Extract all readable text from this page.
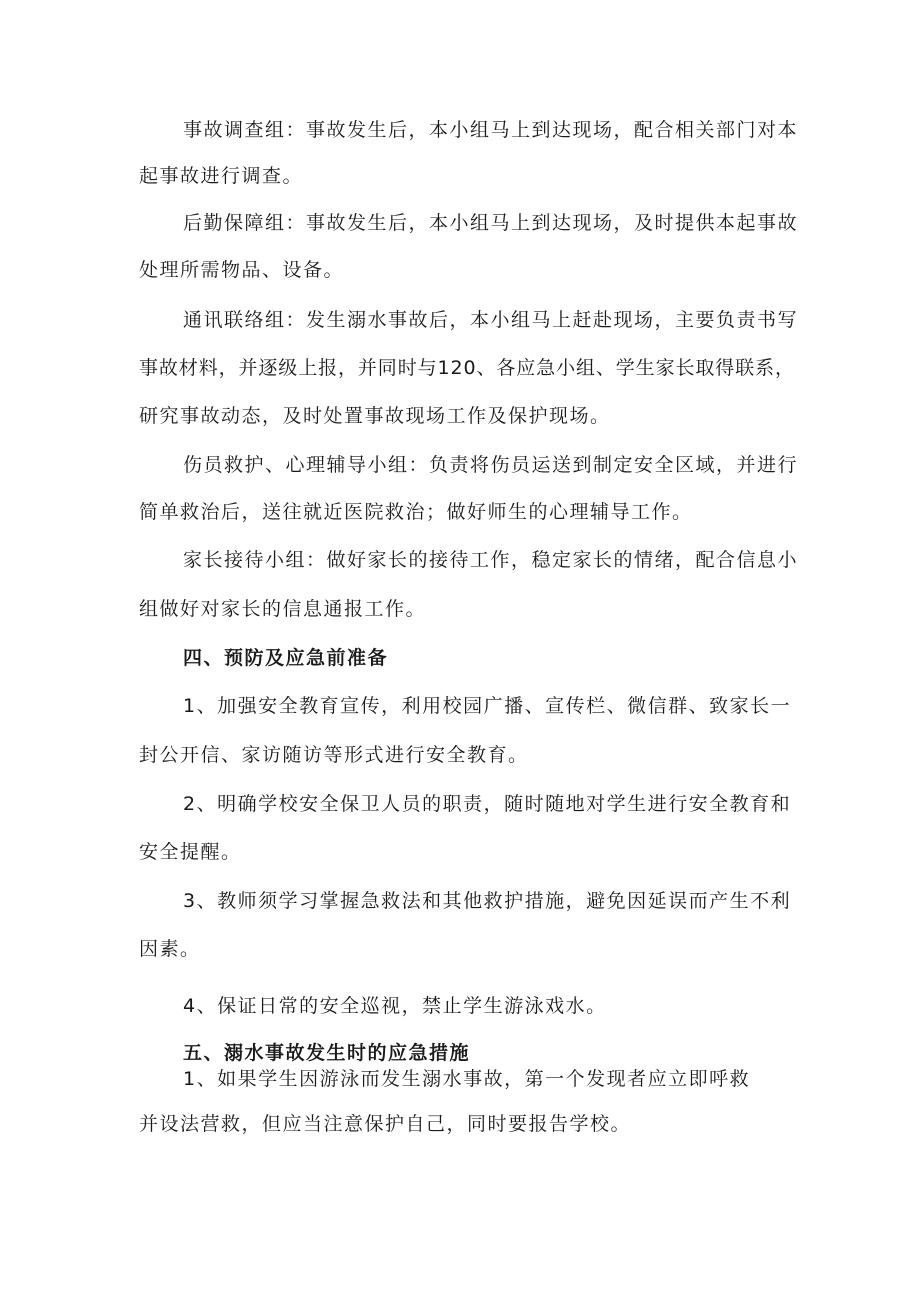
事故调查组：事故发生后，本小组马上到达现场，配合相关部门对本
起事故进行调查。
后勤保障组：事故发生后，本小组马上到达现场，及时提供本起事故
处理所需物品、设备。
通讯联络组：发生溺水事故后，本小组马上赶赴现场，主要负责书写
事故材料，并逐级上报，并同时与120、各应急小组、学生家长取得联系，
研究事故动态，及时处置事故现场工作及保护现场。
伤员救护、心理辅导小组：负责将伤员运送到制定安全区域，并进行
简单救治后，送往就近医院救治；做好师生的心理辅导工作。
家长接待小组：做好家长的接待工作，稳定家长的情绪，配合信息小
组做好对家长的信息通报工作。
四、预防及应急前准备
1、加强安全教育宣传，利用校园广播、宣传栏、微信群、致家长一
封公开信、家访随访等形式进行安全教育。
2、明确学校安全保卫人员的职责，随时随地对学生进行安全教育和
安全提醒。
3、教师须学习掌握急救法和其他救护措施，避免因延误而产生不利
因素。
4、保证日常的安全巡视，禁止学生游泳戏水。
五、溺水事故发生时的应急措施
1、如果学生因游泳而发生溺水事故，第一个发现者应立即呼救
并设法营救，但应当注意保护自己，同时要报告学校。
